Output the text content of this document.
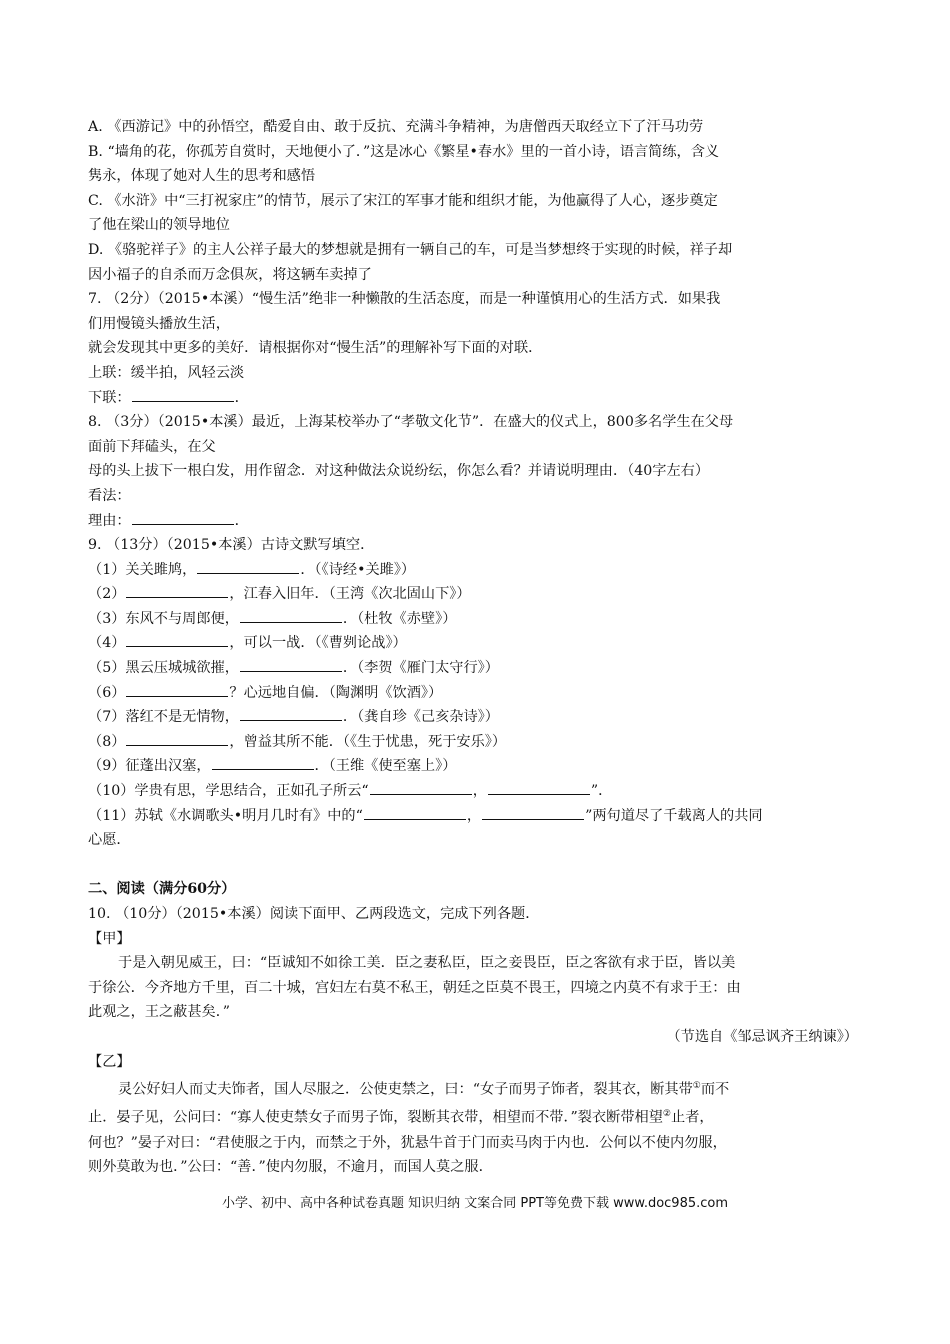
A. 《西游记》中的孙悟空，酷爱自由、敢于反抗、充满斗争精神，为唐僧西天取经立下了汗马功劳
B. “墙角的花，你孤芳自赏时，天地便小了．”这是冰心《繁星•春水》里的一首小诗，语言简练，含义
隽永，体现了她对人生的思考和感悟
C. 《水浒》中“三打祝家庄”的情节，展示了宋江的军事才能和组织才能，为他赢得了人心，逐步奠定
了他在梁山的领导地位
D. 《骆驼祥子》的主人公祥子最大的梦想就是拥有一辆自己的车，可是当梦想终于实现的时候，祥子却
因小福子的自杀而万念俱灰，将这辆车卖掉了
7. （2分）（2015•本溪）“慢生活”绝非一种懒散的生活态度，而是一种谨慎用心的生活方式．如果我
们用慢镜头播放生活，
就会发现其中更多的美好．请根据你对“慢生活”的理解补写下面的对联．
上联：缓半拍，风轻云淡
下联：	．
8. （3分）（2015•本溪）最近，上海某校举办了“孝敬文化节”．在盛大的仪式上，800多名学生在父母
面前下拜磕头，在父
母的头上拔下一根白发，用作留念．对这种做法众说纷纭，你怎么看？并请说明理由．（40字左右）
看法：
理由：	．
9. （13分）（2015•本溪）古诗文默写填空．
（1）关关雎鸠，	．（《诗经•关雎》）
（2）	，江春入旧年．（王湾《次北固山下》）
（3）东风不与周郎便，	．（杜牧《赤壁》）
（4）	，可以一战．（《曹刿论战》）
（5）黑云压城城欲摧，	．（李贺《雁门太守行》）
（6）	？心远地自偏．（陶渊明《饮酒》）
（7）落红不是无情物，	．（龚自珍《己亥杂诗》）
（8）	，曾益其所不能．（《生于忧患，死于安乐》）
（9）征蓬出汉塞，	．（王维《使至塞上》）
（10）学贵有思，学思结合，正如孔子所云“	，	”．
（11）苏轼《水调歌头•明月几时有》中的“	，	”两句道尽了千载离人的共同
心愿．
二、阅读（满分60分）
10. （10分）（2015•本溪）阅读下面甲、乙两段选文，完成下列各题．
【甲】
于是入朝见威王，曰：“臣诚知不如徐工美．臣之妻私臣，臣之妾畏臣，臣之客欲有求于臣，皆以美
于徐公．今齐地方千里，百二十城，宫妇左右莫不私王，朝廷之臣莫不畏王，四境之内莫不有求于王：由
此观之，王之蔽甚矣．”
（节选自《邹忌讽齐王纳谏》）
【乙】
灵公好妇人而丈夫饰者，国人尽服之．公使吏禁之，曰：“女子而男子饰者，裂其衣，断其带①而不
止．晏子见，公问曰：“寡人使吏禁女子而男子饰，裂断其衣带，相望而不带．”裂衣断带相望②止者，
何也？”晏子对曰：“君使服之于内，而禁之于外，犹悬牛首于门而卖马肉于内也．公何以不使内勿服，
则外莫敢为也．”公曰：“善．”使内勿服，不逾月，而国人莫之服．
小学、初中、高中各种试卷真题 知识归纳 文案合同 PPT等免费下载 www.doc985.com
